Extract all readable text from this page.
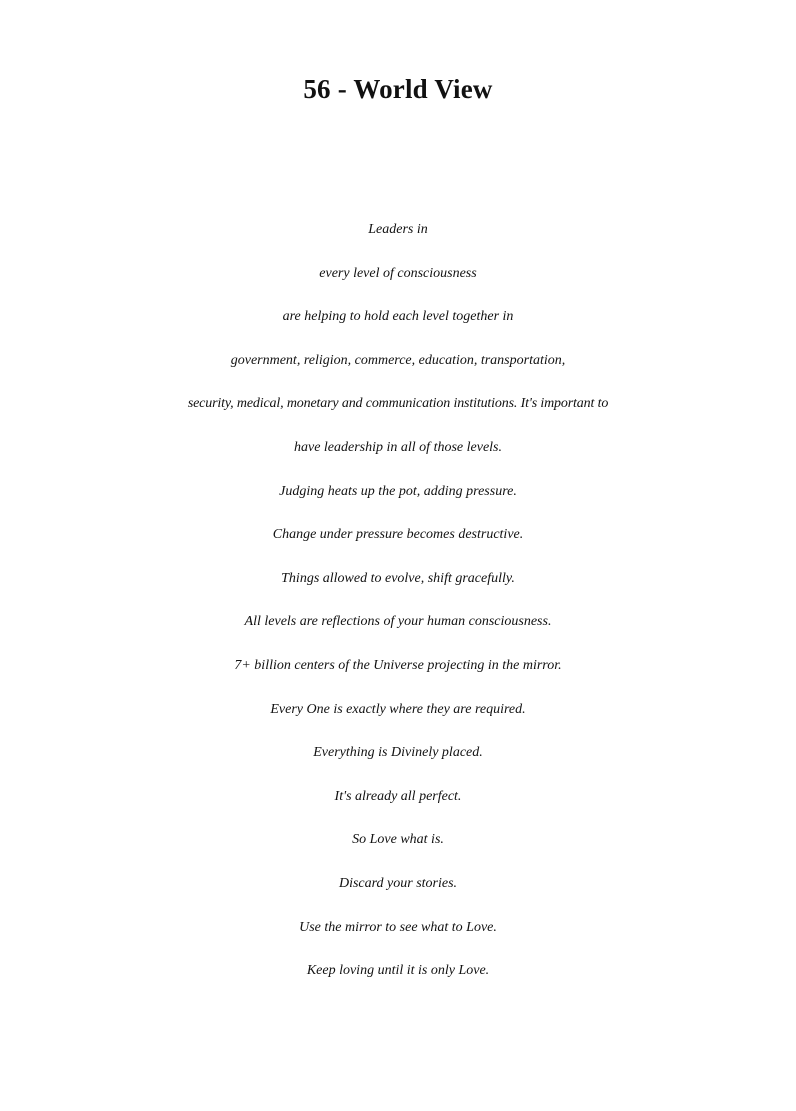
56 - World View
Leaders in
every level of consciousness
are helping to hold each level together in
government, religion, commerce, education, transportation,
security, medical, monetary and communication institutions. It's important to
have leadership in all of those levels.
Judging heats up the pot, adding pressure.
Change under pressure becomes destructive.
Things allowed to evolve, shift gracefully.
All levels are reflections of your human consciousness.
7+ billion centers of the Universe projecting in the mirror.
Every One is exactly where they are required.
Everything is Divinely placed.
It's already all perfect.
So Love what is.
Discard your stories.
Use the mirror to see what to Love.
Keep loving until it is only Love.
